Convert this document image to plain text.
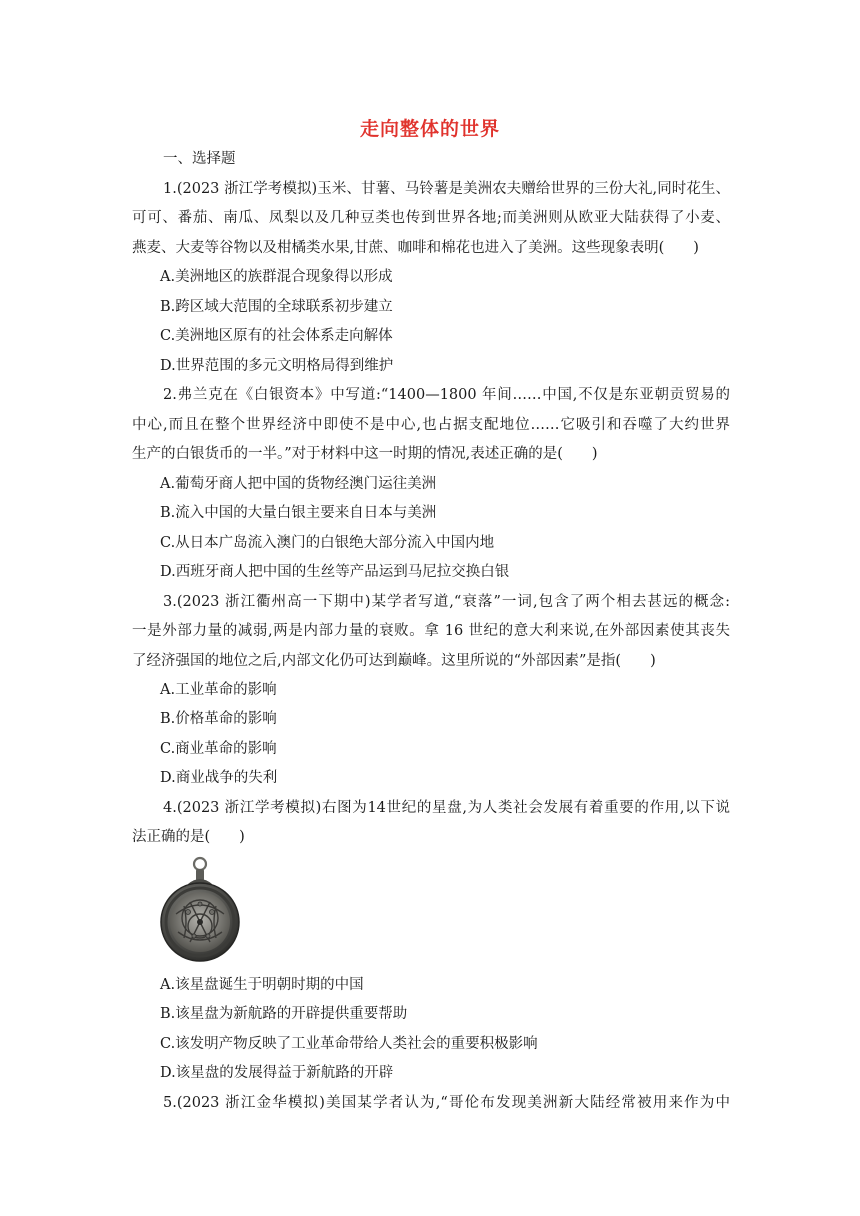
走向整体的世界
一、选择题
1.(2023 浙江学考模拟)玉米、甘薯、马铃薯是美洲农夫赠给世界的三份大礼,同时花生、
可可、番茄、南瓜、凤梨以及几种豆类也传到世界各地;而美洲则从欧亚大陆获得了小麦、
燕麦、大麦等谷物以及柑橘类水果,甘蔗、咖啡和棉花也进入了美洲。这些现象表明(　　)
A.美洲地区的族群混合现象得以形成
B.跨区域大范围的全球联系初步建立
C.美洲地区原有的社会体系走向解体
D.世界范围的多元文明格局得到维护
2.弗兰克在《白银资本》中写道:“1400—1800 年间……中国,不仅是东亚朝贡贸易的
中心,而且在整个世界经济中即使不是中心,也占据支配地位……它吸引和吞噬了大约世界
生产的白银货币的一半。”对于材料中这一时期的情况,表述正确的是(　　)
A.葡萄牙商人把中国的货物经澳门运往美洲
B.流入中国的大量白银主要来自日本与美洲
C.从日本广岛流入澳门的白银绝大部分流入中国内地
D.西班牙商人把中国的生丝等产品运到马尼拉交换白银
3.(2023 浙江衢州高一下期中)某学者写道,“衰落”一词,包含了两个相去甚远的概念:
一是外部力量的减弱,两是内部力量的衰败。拿 16 世纪的意大利来说,在外部因素使其丧失
了经济强国的地位之后,内部文化仍可达到巅峰。这里所说的“外部因素”是指(　　)
A.工业革命的影响
B.价格革命的影响
C.商业革命的影响
D.商业战争的失利
4.(2023 浙江学考模拟)右图为14世纪的星盘,为人类社会发展有着重要的作用,以下说
法正确的是(　　)
A.该星盘诞生于明朝时期的中国
B.该星盘为新航路的开辟提供重要帮助
C.该发明产物反映了工业革命带给人类社会的重要积极影响
D.该星盘的发展得益于新航路的开辟
5.(2023 浙江金华模拟)美国某学者认为,“哥伦布发现美洲新大陆经常被用来作为中
